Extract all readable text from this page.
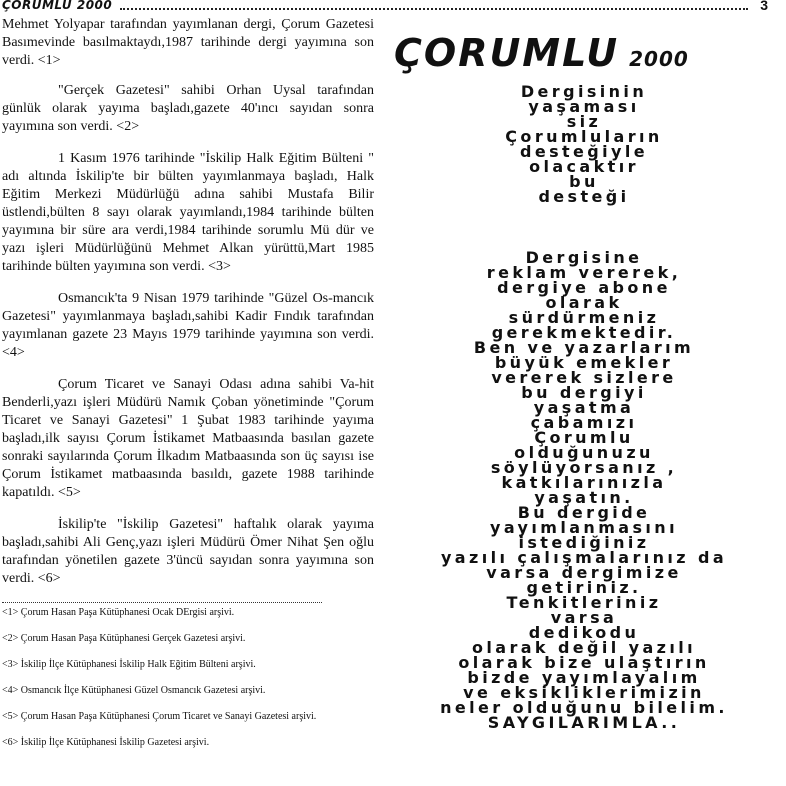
ÇORUMLU 2000	3

Mehmet Yolyapar tarafından yayımlanan dergi, Çorum Gazetesi Basımevinde basılmaktaydı,1987 tarihinde dergi yayımına son verdi. <1>

"Gerçek Gazetesi" sahibi Orhan Uysal tarafından günlük olarak yayıma başladı,gazete 40'ıncı sayıdan sonra yayımına son verdi. <2>

1 Kasım 1976 tarihinde "İskilip Halk Eğitim Bülteni " adı altında İskilip'te bir bülten yayımlanmaya başladı, Halk Eğitim Merkezi Müdürlüğü adına sahibi Mustafa Bilir üstlendi,bülten 8 sayı olarak yayımlandı,1984 tarihinde bülten yayımına bir süre ara verdi,1984 tarihinde sorumlu Mü dür ve yazı işleri Müdürlüğünü Mehmet Alkan yürüttü,Mart 1985 tarihinde bülten yayımına son verdi. <3>

Osmancık'ta 9 Nisan 1979 tarihinde "Güzel Os-mancık Gazetesi" yayımlanmaya başladı,sahibi Kadir Fındık tarafından yayımlanan gazete 23 Mayıs 1979 tarihinde yayımına son verdi. <4>

Çorum Ticaret ve Sanayi Odası adına sahibi Va-hit Benderli,yazı işleri Müdürü Namık Çoban yönetiminde "Çorum Ticaret ve Sanayi Gazetesi" 1 Şubat 1983 tarihinde yayıma başladı,ilk sayısı Çorum İstikamet Matbaasında basılan gazete sonraki sayılarında Çorum İlkadım Matbaasında son üç sayısı ise Çorum İstikamet matbaasında basıldı, gazete 1988 tarihinde kapatıldı. <5>

İskilip'te "İskilip Gazetesi" haftalık olarak yayıma başladı,sahibi Ali Genç,yazı işleri Müdürü Ömer Nihat Şen oğlu tarafından yönetilen gazete 3'üncü sayıdan sonra yayımına son verdi. <6>

<1> Çorum Hasan Paşa Kütüphanesi Ocak DErgisi arşivi.

<2> Çorum Hasan Paşa Kütüphanesi Gerçek Gazetesi arşivi.

<3> İskilip İlçe Kütüphanesi İskilip Halk Eğitim Bülteni arşivi.

<4> Osmancık İlçe Kütüphanesi Güzel Osmancık Gazetesi arşivi.

<5> Çorum Hasan Paşa Kütüphanesi Çorum Ticaret ve Sanayi Gazetesi arşivi.

<6> İskilip İlçe Kütüphanesi İskilip Gazetesi arşivi.

ÇORUMLU 2000

Dergisinin

yaşaması

siz

Çorumluların

desteğiyle

olacaktır

bu

desteği

Dergisine

reklam vererek,

dergiye abone

olarak

sürdürmeniz

gerekmektedir.

Ben ve yazarlarım

büyük emekler

vererek sizlere

bu dergiyi

yaşatma

çabamızı

Çorumlu

olduğunuzu

söylüyorsanız ,

katkılarınızla

yaşatın.

Bu dergide

yayımlanmasını

istediğiniz

yazılı çalışmalarınız da

varsa dergimize

getiriniz.

Tenkitleriniz

varsa

dedikodu

olarak değil yazılı

olarak bize ulaştırın

bizde yayımlayalım

ve eksikliklerimizin

neler olduğunu bilelim.

SAYGILARIMLA..
